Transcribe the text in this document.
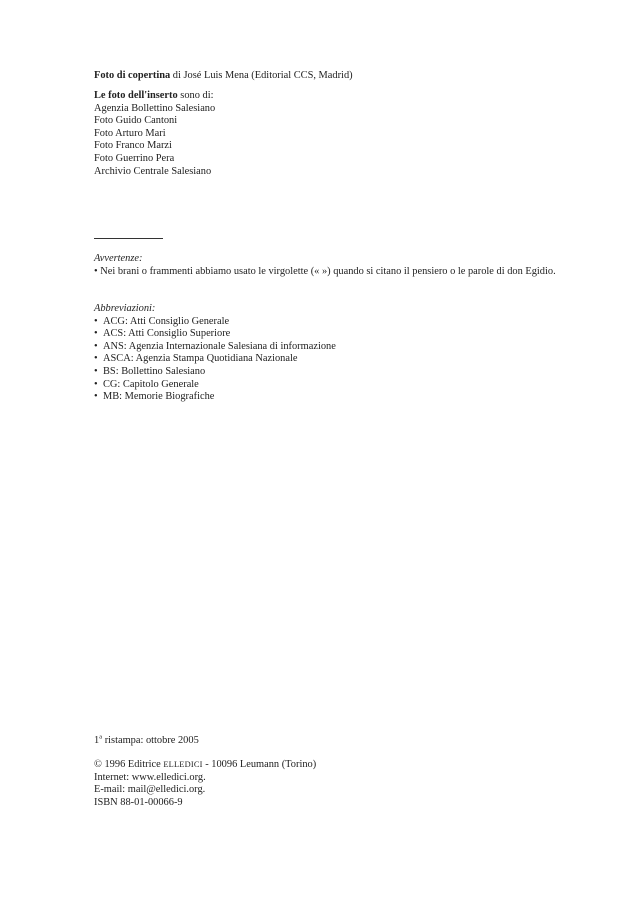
Foto di copertina di José Luis Mena (Editorial CCS, Madrid)
Le foto dell'inserto sono di:
Agenzia Bollettino Salesiano
Foto Guido Cantoni
Foto Arturo Mari
Foto Franco Marzi
Foto Guerrino Pera
Archivio Centrale Salesiano
Avvertenze:
• Nei brani o frammenti abbiamo usato le virgolette (« ») quando si citano il pensiero o le parole di don Egidio.
Abbreviazioni:
• ACG: Atti Consiglio Generale
• ACS: Atti Consiglio Superiore
• ANS: Agenzia Internazionale Salesiana di informazione
• ASCA: Agenzia Stampa Quotidiana Nazionale
• BS: Bollettino Salesiano
• CG: Capitolo Generale
• MB: Memorie Biografiche
1$^a$ ristampa: ottobre 2005
© 1996 Editrice ELLEDICI - 10096 Leumann (Torino)
Internet: www.elledici.org.
E-mail: mail@elledici.org.
ISBN 88-01-00066-9
